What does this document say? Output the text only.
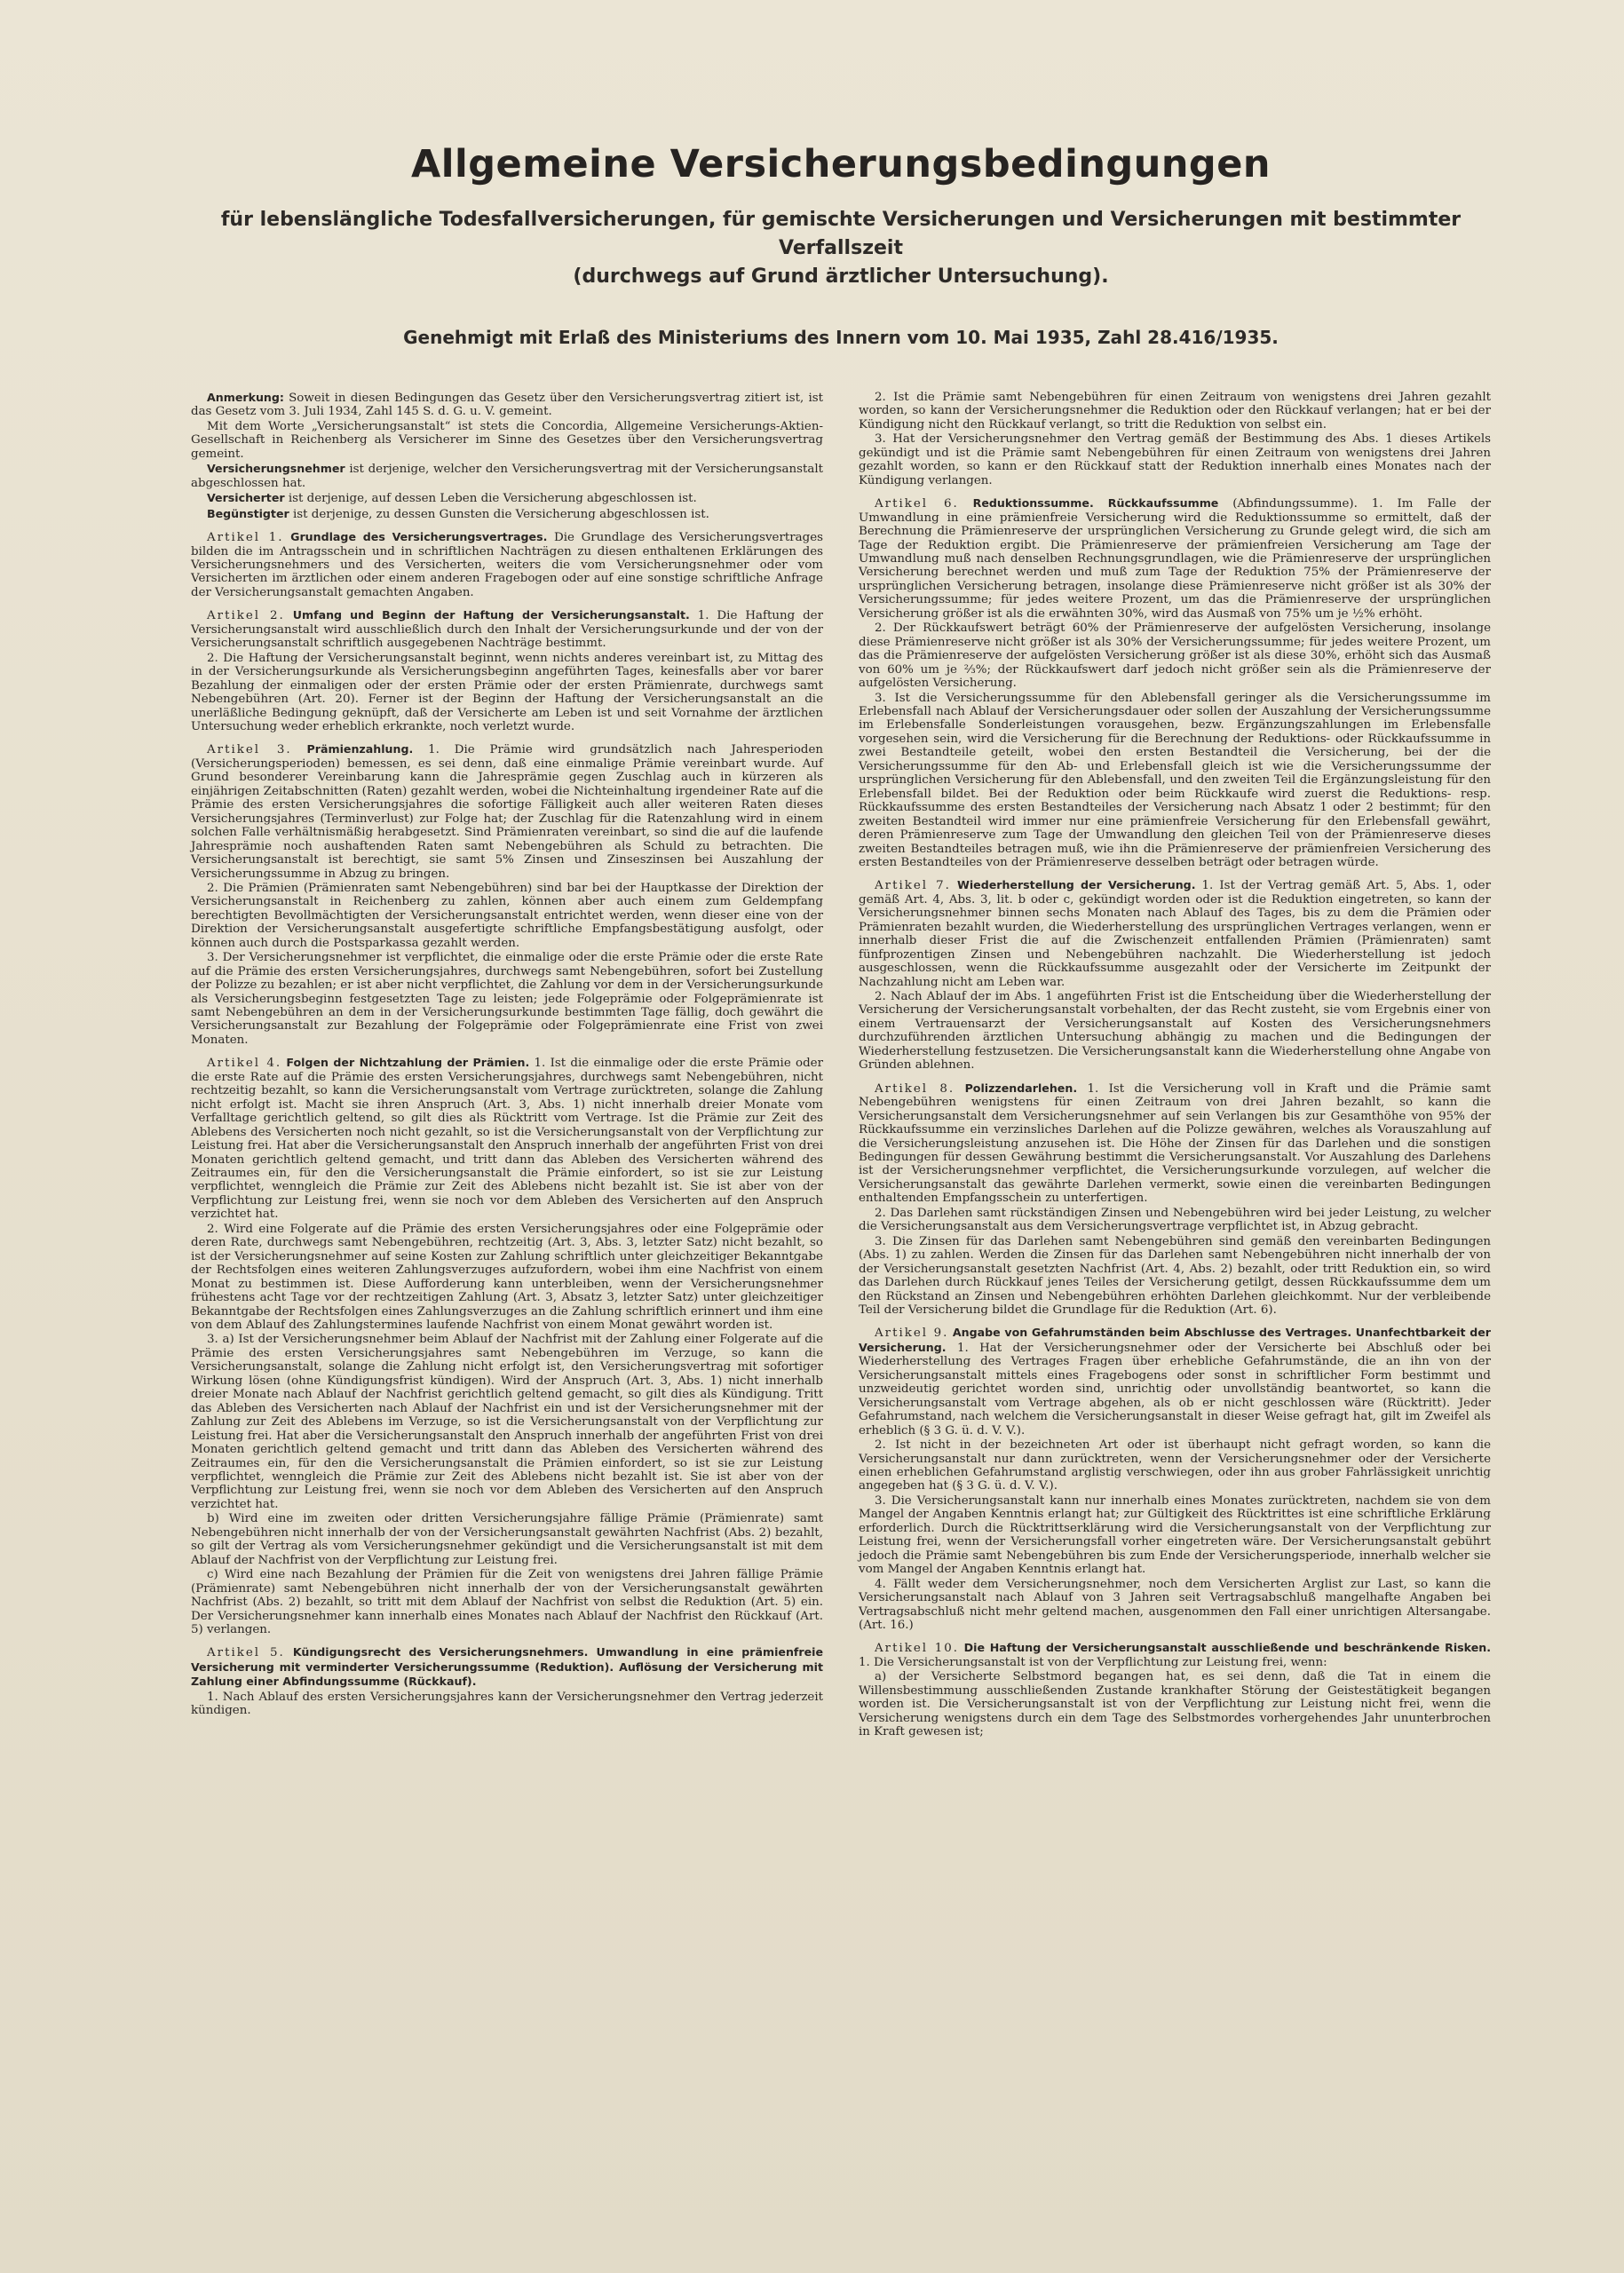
Allgemeine Versicherungsbedingungen

für lebenslängliche Todesfallversicherungen, für gemischte Versicherungen und Versicherungen mit bestimmter Verfallszeit

(durchwegs auf Grund ärztlicher Untersuchung).

Genehmigt mit Erlaß des Ministeriums des Innern vom 10. Mai 1935, Zahl 28.416/1935.

Anmerkung: Soweit in diesen Bedingungen das Gesetz über den Versicherungsvertrag zitiert ist, ist das Gesetz vom 3. Juli 1934, Zahl 145 S. d. G. u. V. gemeint.

Mit dem Worte „Versicherungsanstalt“ ist stets die Concordia, Allgemeine Versicherungs-Aktien-Gesellschaft in Reichenberg als Versicherer im Sinne des Gesetzes über den Versicherungsvertrag gemeint.

Versicherungsnehmer ist derjenige, welcher den Versicherungsvertrag mit der Versicherungsanstalt abgeschlossen hat.

Versicherter ist derjenige, auf dessen Leben die Versicherung abgeschlossen ist.

Begünstigter ist derjenige, zu dessen Gunsten die Versicherung abgeschlossen ist.

Artikel 1. Grundlage des Versicherungsvertrages. Die Grundlage des Versicherungsvertrages bilden die im Antragsschein und in schriftlichen Nachträgen zu diesen enthaltenen Erklärungen des Versicherungsnehmers und des Versicherten, weiters die vom Versicherungsnehmer oder vom Versicherten im ärztlichen oder einem anderen Fragebogen oder auf eine sonstige schriftliche Anfrage der Versicherungsanstalt gemachten Angaben.

Artikel 2. Umfang und Beginn der Haftung der Versicherungsanstalt. 1. Die Haftung der Versicherungsanstalt wird ausschließlich durch den Inhalt der Versicherungsurkunde und der von der Versicherungsanstalt schriftlich ausgegebenen Nachträge bestimmt.

2. Die Haftung der Versicherungsanstalt beginnt, wenn nichts anderes vereinbart ist, zu Mittag des in der Versicherungsurkunde als Versicherungsbeginn angeführten Tages, keinesfalls aber vor barer Bezahlung der einmaligen oder der ersten Prämie oder der ersten Prämienrate, durchwegs samt Nebengebühren (Art. 20). Ferner ist der Beginn der Haftung der Versicherungsanstalt an die unerläßliche Bedingung geknüpft, daß der Versicherte am Leben ist und seit Vornahme der ärztlichen Untersuchung weder erheblich erkrankte, noch verletzt wurde.

Artikel 3. Prämienzahlung. 1. Die Prämie wird grundsätzlich nach Jahresperioden (Versicherungsperioden) bemessen, es sei denn, daß eine einmalige Prämie vereinbart wurde. Auf Grund besonderer Vereinbarung kann die Jahresprämie gegen Zuschlag auch in kürzeren als einjährigen Zeitabschnitten (Raten) gezahlt werden, wobei die Nichteinhaltung irgendeiner Rate auf die Prämie des ersten Versicherungsjahres die sofortige Fälligkeit auch aller weiteren Raten dieses Versicherungsjahres (Terminverlust) zur Folge hat; der Zuschlag für die Ratenzahlung wird in einem solchen Falle verhältnismäßig herabgesetzt. Sind Prämienraten vereinbart, so sind die auf die laufende Jahresprämie noch aushaftenden Raten samt Nebengebühren als Schuld zu betrachten. Die Versicherungsanstalt ist berechtigt, sie samt 5% Zinsen und Zinseszinsen bei Auszahlung der Versicherungssumme in Abzug zu bringen.

2. Die Prämien (Prämienraten samt Nebengebühren) sind bar bei der Hauptkasse der Direktion der Versicherungsanstalt in Reichenberg zu zahlen, können aber auch einem zum Geldempfang berechtigten Bevollmächtigten der Versicherungsanstalt entrichtet werden, wenn dieser eine von der Direktion der Versicherungsanstalt ausgefertigte schriftliche Empfangsbestätigung ausfolgt, oder können auch durch die Postsparkassa gezahlt werden.

3. Der Versicherungsnehmer ist verpflichtet, die einmalige oder die erste Prämie oder die erste Rate auf die Prämie des ersten Versicherungsjahres, durchwegs samt Nebengebühren, sofort bei Zustellung der Polizze zu bezahlen; er ist aber nicht verpflichtet, die Zahlung vor dem in der Versicherungsurkunde als Versicherungsbeginn festgesetzten Tage zu leisten; jede Folgeprämie oder Folgeprämienrate ist samt Nebengebühren an dem in der Versicherungsurkunde bestimmten Tage fällig, doch gewährt die Versicherungsanstalt zur Bezahlung der Folgeprämie oder Folgeprämienrate eine Frist von zwei Monaten.

Artikel 4. Folgen der Nichtzahlung der Prämien. 1. Ist die einmalige oder die erste Prämie oder die erste Rate auf die Prämie des ersten Versicherungsjahres, durchwegs samt Nebengebühren, nicht rechtzeitig bezahlt, so kann die Versicherungsanstalt vom Vertrage zurücktreten, solange die Zahlung nicht erfolgt ist. Macht sie ihren Anspruch (Art. 3, Abs. 1) nicht innerhalb dreier Monate vom Verfalltage gerichtlich geltend, so gilt dies als Rücktritt vom Vertrage. Ist die Prämie zur Zeit des Ablebens des Versicherten noch nicht gezahlt, so ist die Versicherungsanstalt von der Verpflichtung zur Leistung frei. Hat aber die Versicherungsanstalt den Anspruch innerhalb der angeführten Frist von drei Monaten gerichtlich geltend gemacht, und tritt dann das Ableben des Versicherten während des Zeitraumes ein, für den die Versicherungsanstalt die Prämie einfordert, so ist sie zur Leistung verpflichtet, wenngleich die Prämie zur Zeit des Ablebens nicht bezahlt ist. Sie ist aber von der Verpflichtung zur Leistung frei, wenn sie noch vor dem Ableben des Versicherten auf den Anspruch verzichtet hat.

2. Wird eine Folgerate auf die Prämie des ersten Versicherungsjahres oder eine Folgeprämie oder deren Rate, durchwegs samt Nebengebühren, rechtzeitig (Art. 3, Abs. 3, letzter Satz) nicht bezahlt, so ist der Versicherungsnehmer auf seine Kosten zur Zahlung schriftlich unter gleichzeitiger Bekanntgabe der Rechtsfolgen eines weiteren Zahlungsverzuges aufzufordern, wobei ihm eine Nachfrist von einem Monat zu bestimmen ist. Diese Aufforderung kann unterbleiben, wenn der Versicherungsnehmer frühestens acht Tage vor der rechtzeitigen Zahlung (Art. 3, Absatz 3, letzter Satz) unter gleichzeitiger Bekanntgabe der Rechtsfolgen eines Zahlungsverzuges an die Zahlung schriftlich erinnert und ihm eine von dem Ablauf des Zahlungstermines laufende Nachfrist von einem Monat gewährt worden ist.

3. a) Ist der Versicherungsnehmer beim Ablauf der Nachfrist mit der Zahlung einer Folgerate auf die Prämie des ersten Versicherungsjahres samt Nebengebühren im Verzuge, so kann die Versicherungsanstalt, solange die Zahlung nicht erfolgt ist, den Versicherungsvertrag mit sofortiger Wirkung lösen (ohne Kündigungsfrist kündigen). Wird der Anspruch (Art. 3, Abs. 1) nicht innerhalb dreier Monate nach Ablauf der Nachfrist gerichtlich geltend gemacht, so gilt dies als Kündigung. Tritt das Ableben des Versicherten nach Ablauf der Nachfrist ein und ist der Versicherungsnehmer mit der Zahlung zur Zeit des Ablebens im Verzuge, so ist die Versicherungsanstalt von der Verpflichtung zur Leistung frei. Hat aber die Versicherungsanstalt den Anspruch innerhalb der angeführten Frist von drei Monaten gerichtlich geltend gemacht und tritt dann das Ableben des Versicherten während des Zeitraumes ein, für den die Versicherungsanstalt die Prämien einfordert, so ist sie zur Leistung verpflichtet, wenngleich die Prämie zur Zeit des Ablebens nicht bezahlt ist. Sie ist aber von der Verpflichtung zur Leistung frei, wenn sie noch vor dem Ableben des Versicherten auf den Anspruch verzichtet hat.

b) Wird eine im zweiten oder dritten Versicherungsjahre fällige Prämie (Prämienrate) samt Nebengebühren nicht innerhalb der von der Versicherungsanstalt gewährten Nachfrist (Abs. 2) bezahlt, so gilt der Vertrag als vom Versicherungsnehmer gekündigt und die Versicherungsanstalt ist mit dem Ablauf der Nachfrist von der Verpflichtung zur Leistung frei.

c) Wird eine nach Bezahlung der Prämien für die Zeit von wenigstens drei Jahren fällige Prämie (Prämienrate) samt Nebengebühren nicht innerhalb der von der Versicherungsanstalt gewährten Nachfrist (Abs. 2) bezahlt, so tritt mit dem Ablauf der Nachfrist von selbst die Reduktion (Art. 5) ein. Der Versicherungsnehmer kann innerhalb eines Monates nach Ablauf der Nachfrist den Rückkauf (Art. 5) verlangen.

Artikel 5. Kündigungsrecht des Versicherungsnehmers. Umwandlung in eine prämienfreie Versicherung mit verminderter Versicherungssumme (Reduktion). Auflösung der Versicherung mit Zahlung einer Abfindungssumme (Rückkauf).

1. Nach Ablauf des ersten Versicherungsjahres kann der Versicherungsnehmer den Vertrag jederzeit kündigen.

2. Ist die Prämie samt Nebengebühren für einen Zeitraum von wenigstens drei Jahren gezahlt worden, so kann der Versicherungsnehmer die Reduktion oder den Rückkauf verlangen; hat er bei der Kündigung nicht den Rückkauf verlangt, so tritt die Reduktion von selbst ein.

3. Hat der Versicherungsnehmer den Vertrag gemäß der Bestimmung des Abs. 1 dieses Artikels gekündigt und ist die Prämie samt Nebengebühren für einen Zeitraum von wenigstens drei Jahren gezahlt worden, so kann er den Rückkauf statt der Reduktion innerhalb eines Monates nach der Kündigung verlangen.

Artikel 6. Reduktionssumme. Rückkaufssumme (Abfindungssumme). 1. Im Falle der Umwandlung in eine prämienfreie Versicherung wird die Reduktionssumme so ermittelt, daß der Berechnung die Prämienreserve der ursprünglichen Versicherung zu Grunde gelegt wird, die sich am Tage der Reduktion ergibt. Die Prämienreserve der prämienfreien Versicherung am Tage der Umwandlung muß nach denselben Rechnungsgrundlagen, wie die Prämienreserve der ursprünglichen Versicherung berechnet werden und muß zum Tage der Reduktion 75% der Prämienreserve der ursprünglichen Versicherung betragen, insolange diese Prämienreserve nicht größer ist als 30% der Versicherungssumme; für jedes weitere Prozent, um das die Prämienreserve der ursprünglichen Versicherung größer ist als die erwähnten 30%, wird das Ausmaß von 75% um je ½% erhöht.

2. Der Rückkaufswert beträgt 60% der Prämienreserve der aufgelösten Versicherung, insolange diese Prämienreserve nicht größer ist als 30% der Versicherungssumme; für jedes weitere Prozent, um das die Prämienreserve der aufgelösten Versicherung größer ist als diese 30%, erhöht sich das Ausmaß von 60% um je ⅔%; der Rückkaufswert darf jedoch nicht größer sein als die Prämienreserve der aufgelösten Versicherung.

3. Ist die Versicherungssumme für den Ablebensfall geringer als die Versicherungssumme im Erlebensfall nach Ablauf der Versicherungsdauer oder sollen der Auszahlung der Versicherungssumme im Erlebensfalle Sonderleistungen vorausgehen, bezw. Ergänzungszahlungen im Erlebensfalle vorgesehen sein, wird die Versicherung für die Berechnung der Reduktions- oder Rückkaufssumme in zwei Bestandteile geteilt, wobei den ersten Bestandteil die Versicherung, bei der die Versicherungssumme für den Ab- und Erlebensfall gleich ist wie die Versicherungssumme der ursprünglichen Versicherung für den Ablebensfall, und den zweiten Teil die Ergänzungsleistung für den Erlebensfall bildet. Bei der Reduktion oder beim Rückkaufe wird zuerst die Reduktions- resp. Rückkaufssumme des ersten Bestandteiles der Versicherung nach Absatz 1 oder 2 bestimmt; für den zweiten Bestandteil wird immer nur eine prämienfreie Versicherung für den Erlebensfall gewährt, deren Prämienreserve zum Tage der Umwandlung den gleichen Teil von der Prämienreserve dieses zweiten Bestandteiles betragen muß, wie ihn die Prämienreserve der prämienfreien Versicherung des ersten Bestandteiles von der Prämienreserve desselben beträgt oder betragen würde.

Artikel 7. Wiederherstellung der Versicherung. 1. Ist der Vertrag gemäß Art. 5, Abs. 1, oder gemäß Art. 4, Abs. 3, lit. b oder c, gekündigt worden oder ist die Reduktion eingetreten, so kann der Versicherungsnehmer binnen sechs Monaten nach Ablauf des Tages, bis zu dem die Prämien oder Prämienraten bezahlt wurden, die Wiederherstellung des ursprünglichen Vertrages verlangen, wenn er innerhalb dieser Frist die auf die Zwischenzeit entfallenden Prämien (Prämienraten) samt fünfprozentigen Zinsen und Nebengebühren nachzahlt. Die Wiederherstellung ist jedoch ausgeschlossen, wenn die Rückkaufssumme ausgezahlt oder der Versicherte im Zeitpunkt der Nachzahlung nicht am Leben war.

2. Nach Ablauf der im Abs. 1 angeführten Frist ist die Entscheidung über die Wiederherstellung der Versicherung der Versicherungsanstalt vorbehalten, der das Recht zusteht, sie vom Ergebnis einer von einem Vertrauensarzt der Versicherungsanstalt auf Kosten des Versicherungsnehmers durchzuführenden ärztlichen Untersuchung abhängig zu machen und die Bedingungen der Wiederherstellung festzusetzen. Die Versicherungsanstalt kann die Wiederherstellung ohne Angabe von Gründen ablehnen.

Artikel 8. Polizzendarlehen. 1. Ist die Versicherung voll in Kraft und die Prämie samt Nebengebühren wenigstens für einen Zeitraum von drei Jahren bezahlt, so kann die Versicherungsanstalt dem Versicherungsnehmer auf sein Verlangen bis zur Gesamthöhe von 95% der Rückkaufssumme ein verzinsliches Darlehen auf die Polizze gewähren, welches als Vorauszahlung auf die Versicherungsleistung anzusehen ist. Die Höhe der Zinsen für das Darlehen und die sonstigen Bedingungen für dessen Gewährung bestimmt die Versicherungsanstalt. Vor Auszahlung des Darlehens ist der Versicherungsnehmer verpflichtet, die Versicherungsurkunde vorzulegen, auf welcher die Versicherungsanstalt das gewährte Darlehen vermerkt, sowie einen die vereinbarten Bedingungen enthaltenden Empfangsschein zu unterfertigen.

2. Das Darlehen samt rückständigen Zinsen und Nebengebühren wird bei jeder Leistung, zu welcher die Versicherungsanstalt aus dem Versicherungsvertrage verpflichtet ist, in Abzug gebracht.

3. Die Zinsen für das Darlehen samt Nebengebühren sind gemäß den vereinbarten Bedingungen (Abs. 1) zu zahlen. Werden die Zinsen für das Darlehen samt Nebengebühren nicht innerhalb der von der Versicherungsanstalt gesetzten Nachfrist (Art. 4, Abs. 2) bezahlt, oder tritt Reduktion ein, so wird das Darlehen durch Rückkauf jenes Teiles der Versicherung getilgt, dessen Rückkaufssumme dem um den Rückstand an Zinsen und Nebengebühren erhöhten Darlehen gleichkommt. Nur der verbleibende Teil der Versicherung bildet die Grundlage für die Reduktion (Art. 6).

Artikel 9. Angabe von Gefahrumständen beim Abschlusse des Vertrages. Unanfechtbarkeit der Versicherung. 1. Hat der Versicherungsnehmer oder der Versicherte bei Abschluß oder bei Wiederherstellung des Vertrages Fragen über erhebliche Gefahrumstände, die an ihn von der Versicherungsanstalt mittels eines Fragebogens oder sonst in schriftlicher Form bestimmt und unzweideutig gerichtet worden sind, unrichtig oder unvollständig beantwortet, so kann die Versicherungsanstalt vom Vertrage abgehen, als ob er nicht geschlossen wäre (Rücktritt). Jeder Gefahrumstand, nach welchem die Versicherungsanstalt in dieser Weise gefragt hat, gilt im Zweifel als erheblich (§ 3 G. ü. d. V. V.).

2. Ist nicht in der bezeichneten Art oder ist überhaupt nicht gefragt worden, so kann die Versicherungsanstalt nur dann zurücktreten, wenn der Versicherungsnehmer oder der Versicherte einen erheblichen Gefahrumstand arglistig verschwiegen, oder ihn aus grober Fahrlässigkeit unrichtig angegeben hat (§ 3 G. ü. d. V. V.).

3. Die Versicherungsanstalt kann nur innerhalb eines Monates zurücktreten, nachdem sie von dem Mangel der Angaben Kenntnis erlangt hat; zur Gültigkeit des Rücktrittes ist eine schriftliche Erklärung erforderlich. Durch die Rücktrittserklärung wird die Versicherungsanstalt von der Verpflichtung zur Leistung frei, wenn der Versicherungsfall vorher eingetreten wäre. Der Versicherungsanstalt gebührt jedoch die Prämie samt Nebengebühren bis zum Ende der Versicherungsperiode, innerhalb welcher sie vom Mangel der Angaben Kenntnis erlangt hat.

4. Fällt weder dem Versicherungsnehmer, noch dem Versicherten Arglist zur Last, so kann die Versicherungsanstalt nach Ablauf von 3 Jahren seit Vertragsabschluß mangelhafte Angaben bei Vertragsabschluß nicht mehr geltend machen, ausgenommen den Fall einer unrichtigen Altersangabe. (Art. 16.)

Artikel 10. Die Haftung der Versicherungsanstalt ausschließende und beschränkende Risken. 1. Die Versicherungsanstalt ist von der Verpflichtung zur Leistung frei, wenn:

a) der Versicherte Selbstmord begangen hat, es sei denn, daß die Tat in einem die Willensbestimmung ausschließenden Zustande krankhafter Störung der Geistestätigkeit begangen worden ist. Die Versicherungsanstalt ist von der Verpflichtung zur Leistung nicht frei, wenn die Versicherung wenigstens durch ein dem Tage des Selbstmordes vorhergehendes Jahr ununterbrochen in Kraft gewesen ist;
